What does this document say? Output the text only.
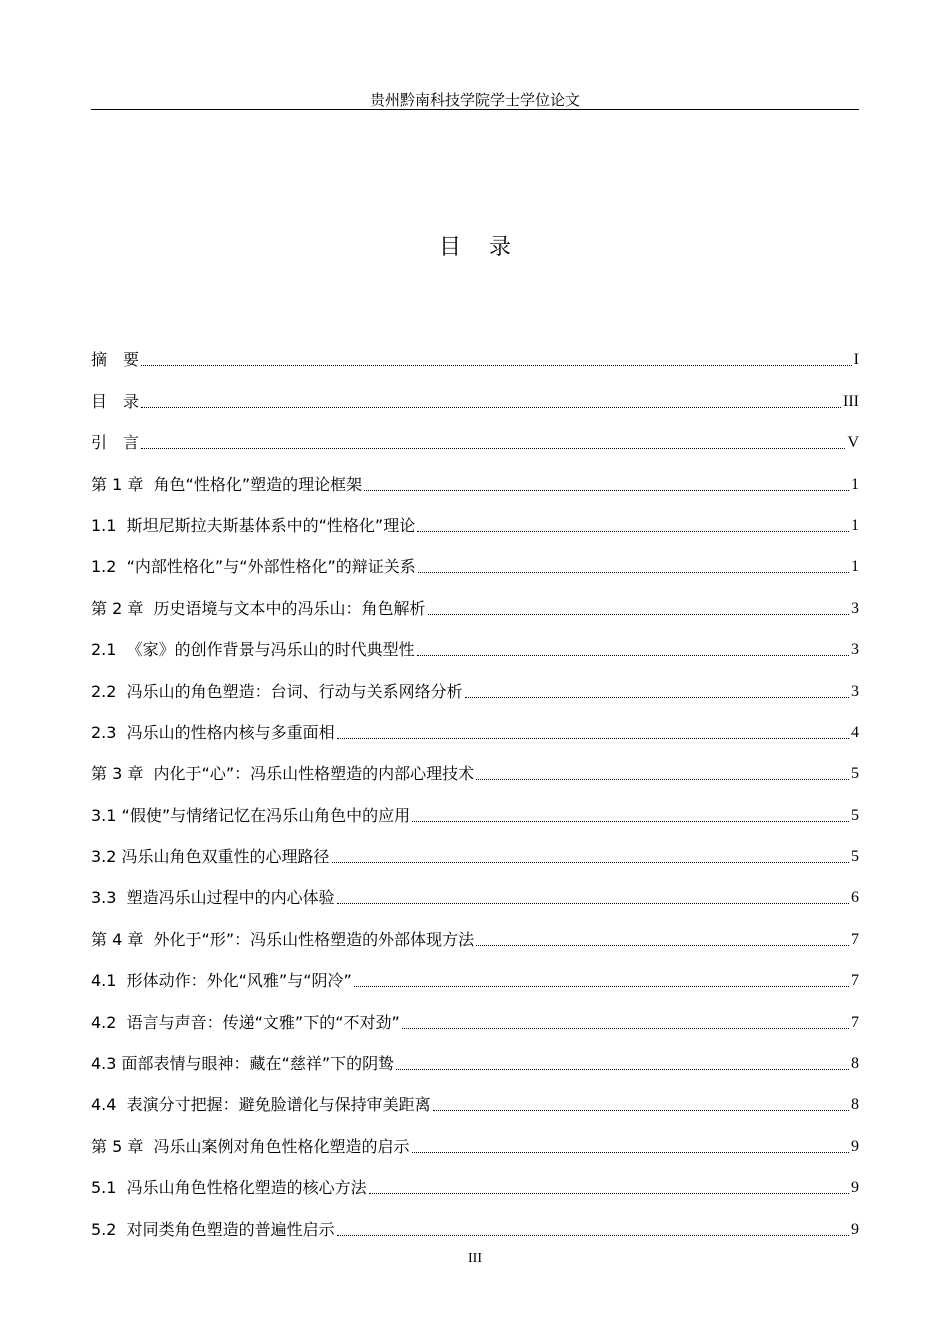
贵州黔南科技学院学士学位论文
目录
摘　要	I
目　录	III
引　言	V
第 1 章  角色“性格化”塑造的理论框架	1
1.1  斯坦尼斯拉夫斯基体系中的“性格化”理论	1
1.2  “内部性格化”与“外部性格化”的辩证关系	1
第 2 章  历史语境与文本中的冯乐山：角色解析	3
2.1  《家》的创作背景与冯乐山的时代典型性	3
2.2  冯乐山的角色塑造：台词、行动与关系网络分析	3
2.3  冯乐山的性格内核与多重面相	4
第 3 章  内化于“心”：冯乐山性格塑造的内部心理技术	5
3.1 “假使”与情绪记忆在冯乐山角色中的应用	5
3.2 冯乐山角色双重性的心理路径	5
3.3  塑造冯乐山过程中的内心体验	6
第 4 章  外化于“形”：冯乐山性格塑造的外部体现方法	7
4.1  形体动作：外化“风雅”与“阴冷”	7
4.2  语言与声音：传递“文雅”下的“不对劲”	7
4.3 面部表情与眼神：藏在“慈祥”下的阴鸷	8
4.4  表演分寸把握：避免脸谱化与保持审美距离	8
第 5 章  冯乐山案例对角色性格化塑造的启示	9
5.1  冯乐山角色性格化塑造的核心方法	9
5.2  对同类角色塑造的普遍性启示	9
III
